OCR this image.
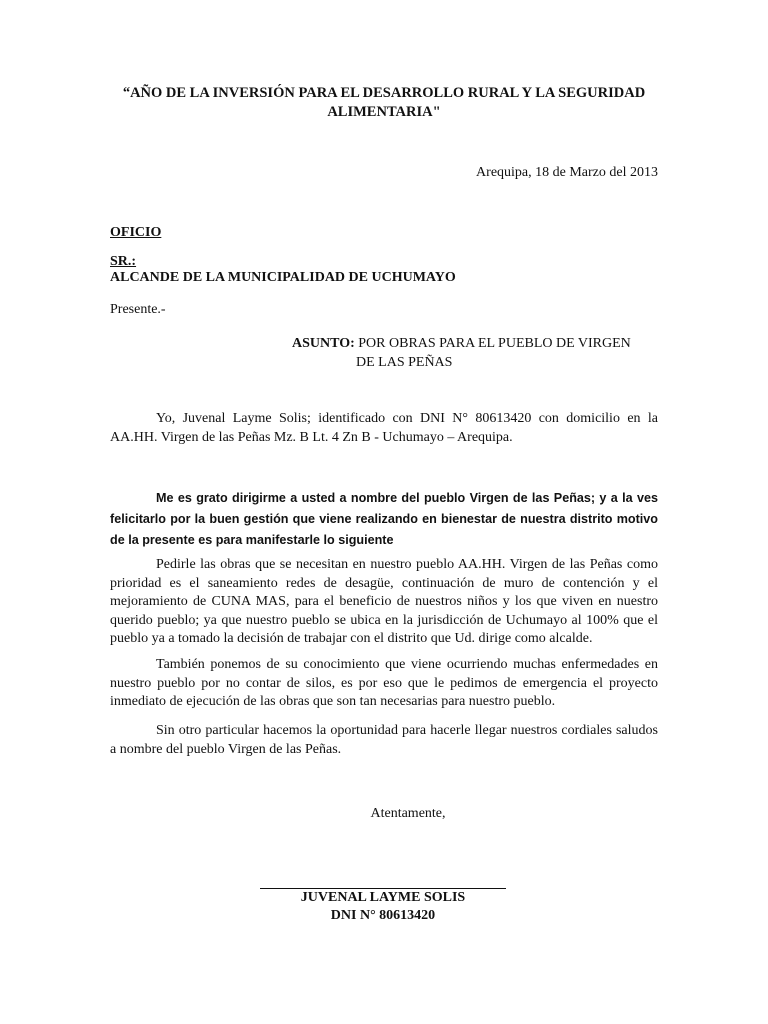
“AÑO DE LA INVERSIÓN PARA EL DESARROLLO RURAL Y LA SEGURIDAD ALIMENTARIA"
Arequipa, 18 de Marzo del 2013
OFICIO
SR.:
ALCANDE DE LA MUNICIPALIDAD DE UCHUMAYO
Presente.-
ASUNTO: POR OBRAS PARA EL PUEBLO DE VIRGEN
DE LAS PEÑAS
Yo, Juvenal Layme Solis; identificado con DNI N° 80613420 con domicilio en la AA.HH. Virgen de las Peñas Mz. B Lt. 4 Zn B - Uchumayo – Arequipa.
Me es grato dirigirme a usted a nombre del pueblo Virgen de las Peñas; y a la ves felicitarlo por la buen gestión que viene realizando en bienestar de nuestra distrito motivo de la presente es para manifestarle lo siguiente
Pedirle las obras que se necesitan en nuestro pueblo AA.HH. Virgen de las Peñas como prioridad es el saneamiento redes de desagüe, continuación de muro de contención y el mejoramiento de CUNA MAS, para el beneficio de nuestros niños y los que viven en nuestro querido pueblo; ya que nuestro pueblo se ubica en la jurisdicción de Uchumayo al 100% que el pueblo ya a tomado la decisión de trabajar con el distrito que Ud. dirige como alcalde.
También ponemos de su conocimiento que viene ocurriendo muchas enfermedades en nuestro pueblo por no contar de silos, es por eso que le pedimos de emergencia el proyecto inmediato de ejecución de las obras que son tan necesarias para nuestro pueblo.
Sin otro particular hacemos la oportunidad para hacerle llegar nuestros cordiales saludos a nombre del pueblo Virgen de las Peñas.
Atentamente,
JUVENAL LAYME SOLIS
DNI N° 80613420
